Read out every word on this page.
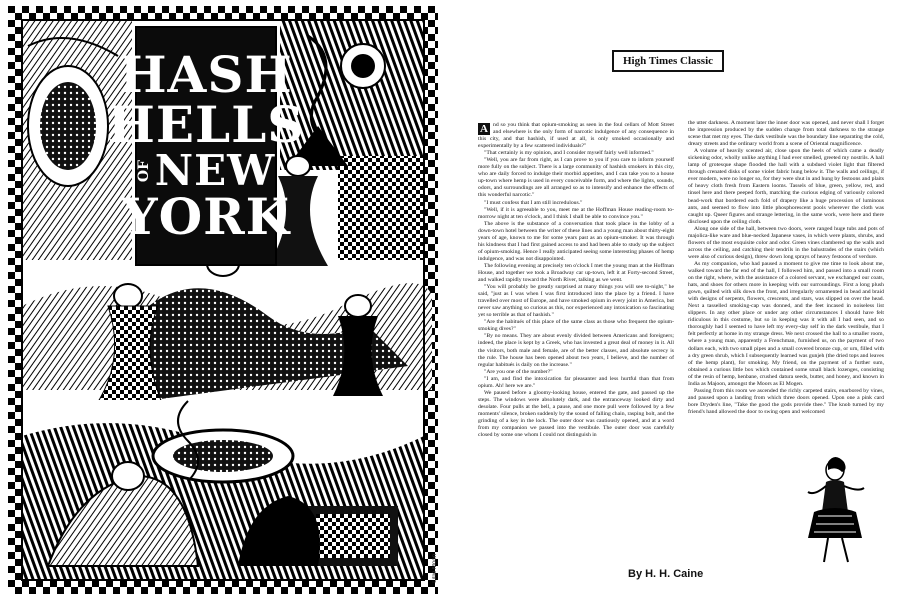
HASH
HELLS
OF NEW
YORK
Lillie Moon
High Times Classic

A nd so you think that opium-smoking as seen in the foul cellars of Mott Street and elsewhere is the only form of narcotic indulgence of any consequence in this city, and that hashish, if used at all, is only smoked occasionally and experimentally by a few scattered individuals?"

"That certainly is my opinion, and I consider myself fairly well informed."

"Well, you are far from right, as I can prove to you if you care to inform yourself more fully on the subject. There is a large community of hashish smokers in this city, who are daily forced to indulge their morbid appetites, and I can take you to a house up-town where hemp is used in every conceivable form, and where the lights, sounds, odors, and surroundings are all arranged so as to intensify and enhance the effects of this wonderful narcotic."

"I must confess that I am still incredulous."

"Well, if it is agreeable to you, meet me at the Hoffman House reading-room to-morrow night at ten o'clock, and I think I shall be able to convince you."

The above is the substance of a conversation that took place in the lobby of a down-town hotel between the writer of these lines and a young man about thirty-eight years of age, known to me for some years past as an opium-smoker. It was through his kindness that I had first gained access to and had been able to study up the subject of opium-smoking. Hence I really anticipated seeing some interesting phases of hemp indulgence, and was not disappointed.

The following evening at precisely ten o'clock I met the young man at the Hoffman House, and together we took a Broadway car up-town, left it at Forty-second Street, and walked rapidly toward the North River, talking as we went.

"You will probably be greatly surprised at many things you will see to-night," he said, "just as I was when I was first introduced into the place by a friend. I have travelled over most of Europe, and have smoked opium in every joint in America, but never saw anything so curious as this, nor experienced any intoxication so fascinating yet so terrible as that of hashish."

"Are the habitués of this place of the same class as those who frequent the opium-smoking dives?"

"By no means. They are about evenly divided between Americans and foreigners; indeed, the place is kept by a Greek, who has invested a great deal of money in it. All the visitors, both male and female, are of the better classes, and absolute secrecy is the rule. The house has been opened about two years, I believe, and the number of regular habitués is daily on the increase."

"Are you one of the number?"

"I am, and find the intoxication far pleasanter and less hurtful than that from opium. Ah! here we are."

We paused before a gloomy-looking house, entered the gate, and passed up the steps. The windows were absolutely dark, and the entranceway looked dirty and desolate. Four pulls at the bell, a pause, and one more pull were followed by a few moments' silence, broken suddenly by the sound of falling chain, rasping bolt, and the grinding of a key in the lock. The outer door was cautiously opened, and at a word from my companion we passed into the vestibule. The outer door was carefully closed by some one whom I could not distinguish in

the utter darkness. A moment later the inner door was opened, and never shall I forget the impression produced by the sudden change from total darkness to the strange scene that met my eyes. The dark vestibule was the boundary line separating the cold, dreary streets and the ordinary world from a scene of Oriental magnificence.

A volume of heavily scented air, close upon the heels of which came a deadly sickening odor, wholly unlike anything I had ever smelled, greeted my nostrils. A hall lamp of grotesque shape flooded the hall with a subdued violet light that filtered through crenated disks of some violet fabric hung below it. The walls and ceilings, if ever modern, were no longer so, for they were shut in and hung by festoons and plaits of heavy cloth fresh from Eastern looms. Tassels of blue, green, yellow, red, and tinsel here and there peeped forth, matching the curious edging of variously colored bead-work that bordered each fold of drapery like a huge procession of luminous ants, and seemed to flow into little phosphorescent pools wherever the cloth was caught up. Queer figures and strange lettering, in the same work, were here and there disclosed upon the ceiling cloth.

Along one side of the hall, between two doors, were ranged huge tubs and pots of majolica-like ware and blue-necked Japanese vases, in which were plants, shrubs, and flowers of the most exquisite color and odor. Green vines clambered up the walls and across the ceiling, and catching their tendrils in the balustrades of the stairs (which were also of curious design), threw down long sprays of heavy festoons of verdure.

As my companion, who had paused a moment to give me time to look about me, walked toward the far end of the hall, I followed him, and passed into a small room on the right, where, with the assistance of a colored servant, we exchanged our coats, hats, and shoes for others more in keeping with our surroundings. First a long plush gown, quilted with silk down the front, and irregularly ornamented in bead and braid with designs of serpents, flowers, crescents, and stars, was slipped on over the head. Next a tasselled smoking-cap was donned, and the feet incased in noiseless list slippers. In any other place or under any other circumstances I should have felt ridiculous in this costume, but so in keeping was it with all I had seen, and so thoroughly had I seemed to have left my every-day self in the dark vestibule, that I felt perfectly at home in my strange dress. We next crossed the hall to a smaller room, where a young man, apparently a Frenchman, furnished us, on the payment of two dollars each, with two small pipes and a small covered bronze cup, or urn, filled with a dry green shrub, which I subsequently learned was gunjeh (the dried tops and leaves of the hemp plant), for smoking. My friend, on the payment of a further sum, obtained a curious little box which contained some small black lozenges, consisting of the resin of hemp, henbane, crushed datura seeds, butter, and honey, and known in India as Majoon, amongst the Moors as El Mogen.

Passing from this room we ascended the richly carpeted stairs, enarbored by vines, and paused upon a landing from which three doors opened. Upon one a pink card bore Dryden's line, "Take the good the gods provide thee." The knob turned by my friend's hand allowed the door to swing open and welcomed

By H. H. Caine
